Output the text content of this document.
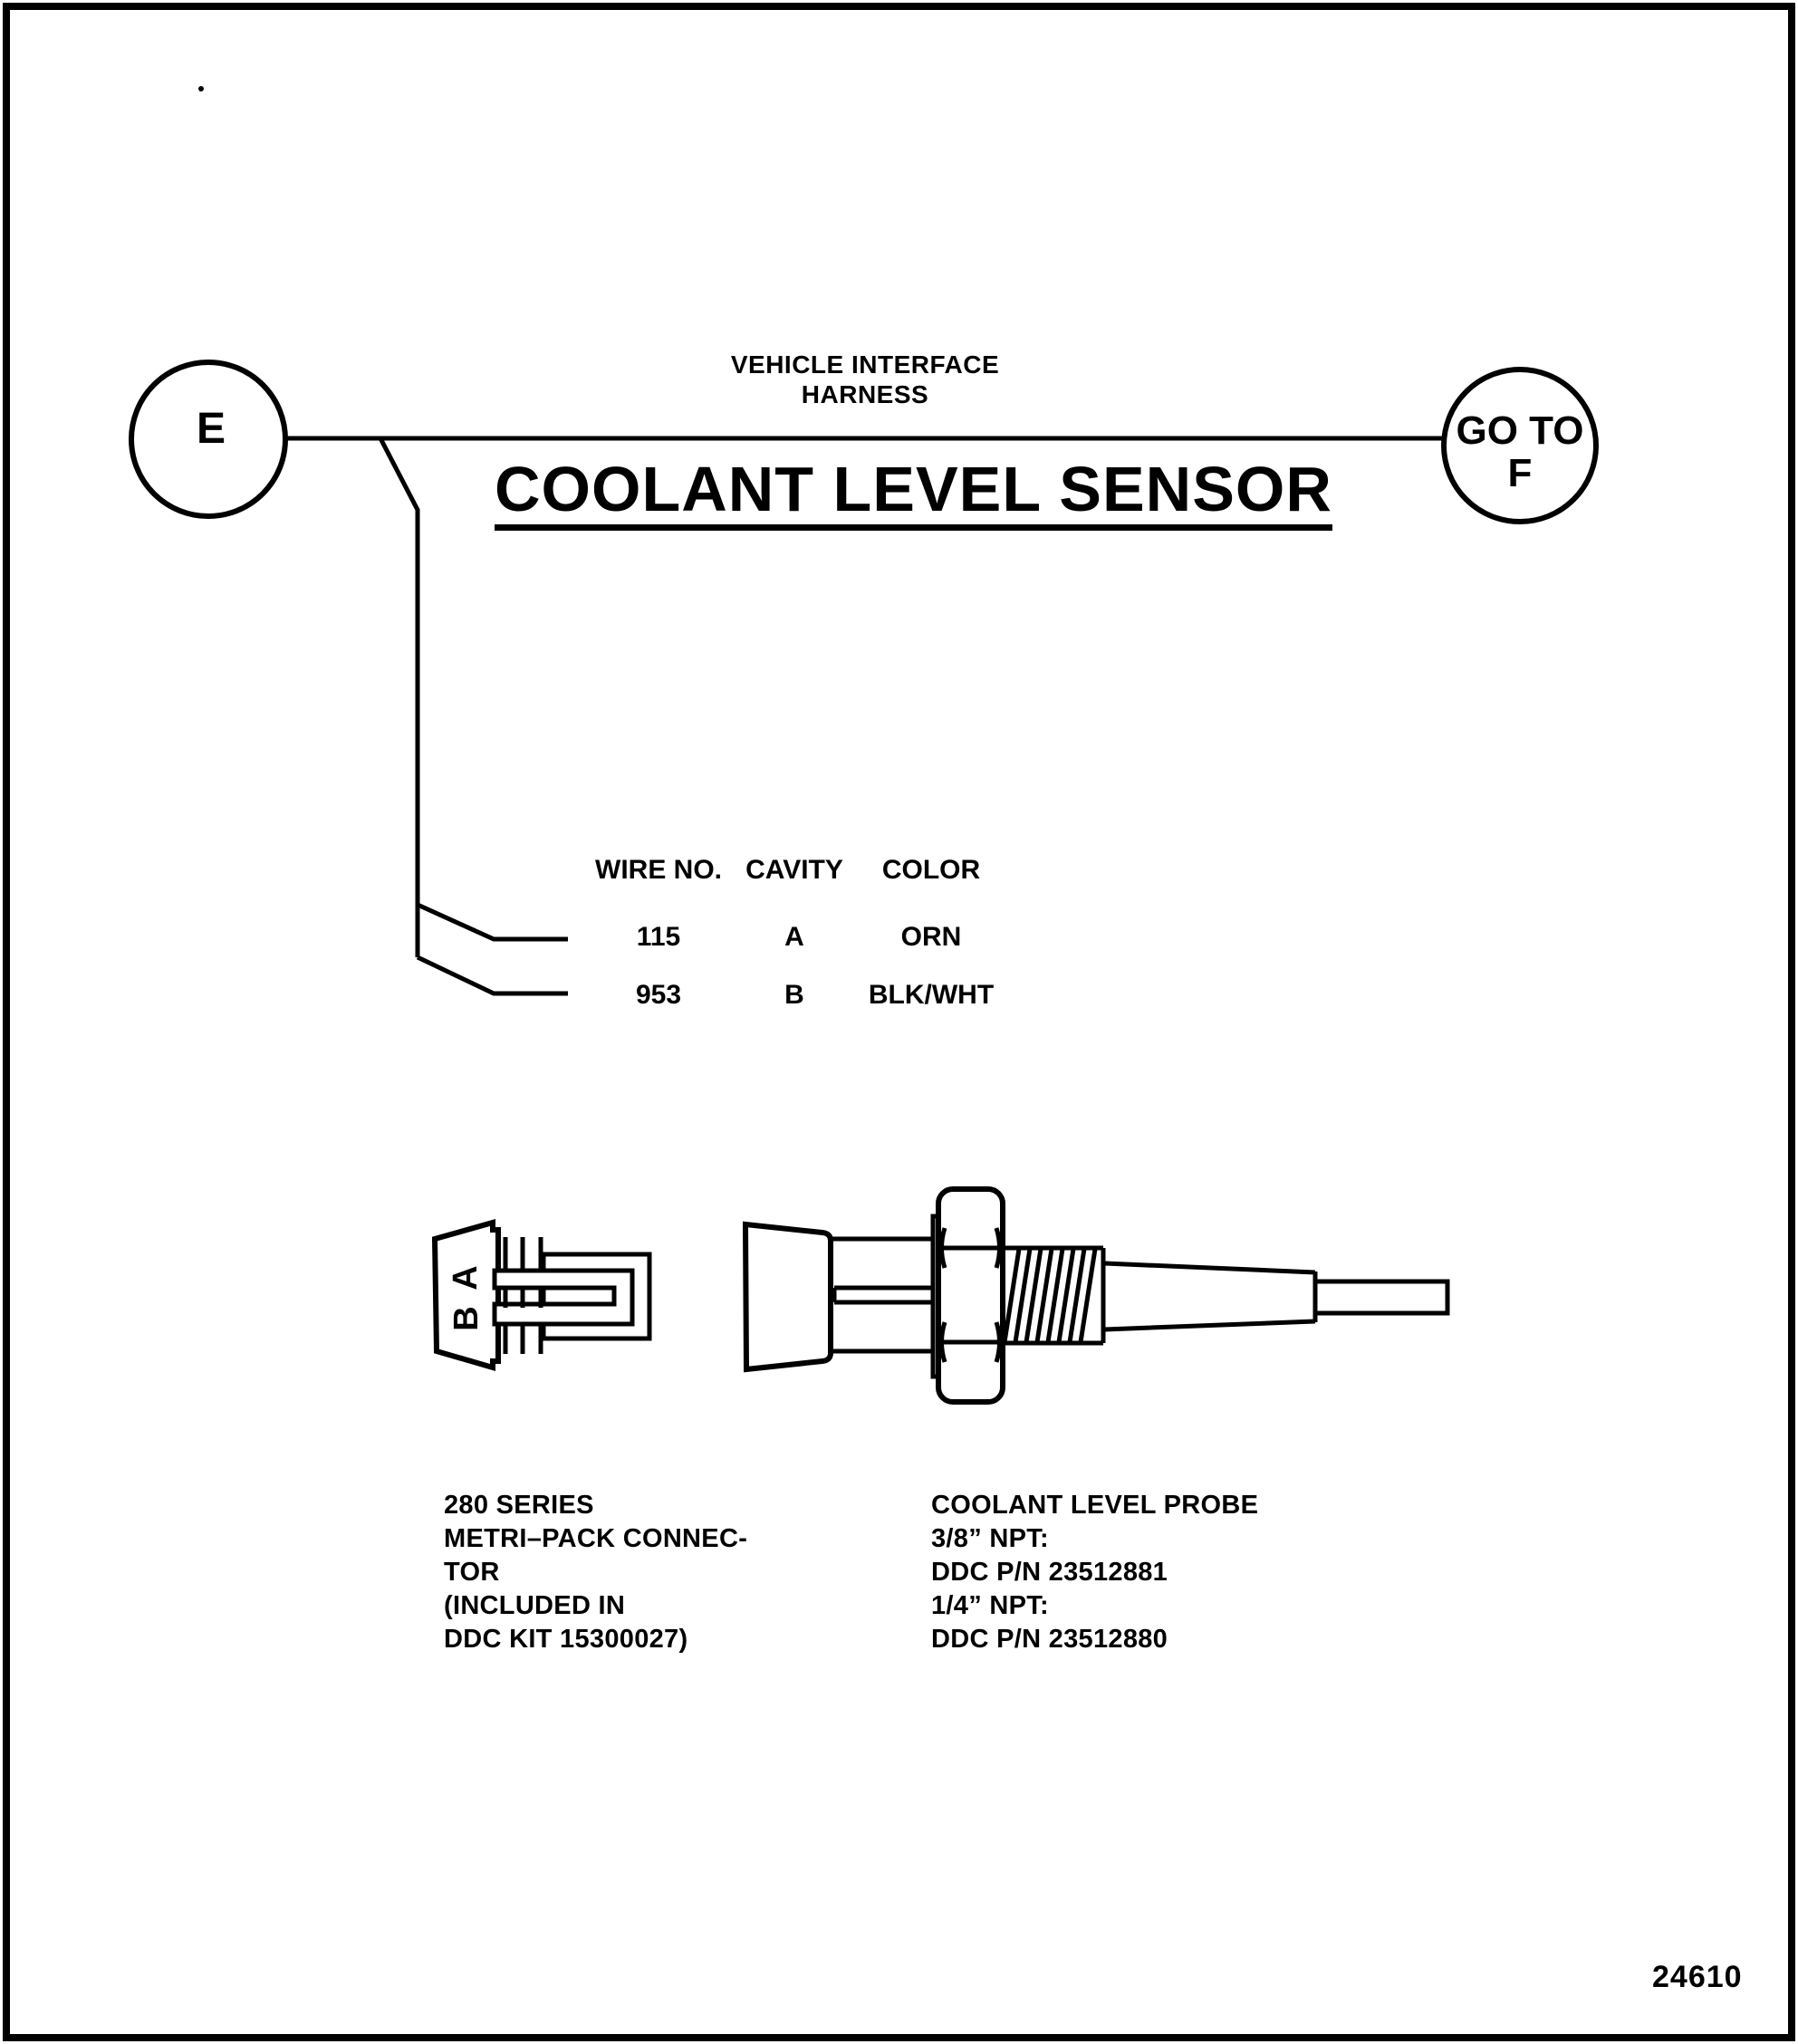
E	GO TO
F
A
B
VEHICLE INTERFACE
HARNESS
COOLANT LEVEL SENSOR
WIRE NO. CAVITY COLOR
115	A	ORN
953	B BLK/WHT
280 SERIES
METRI–PACK CONNEC-
TOR
(INCLUDED IN
DDC KIT 15300027)
COOLANT LEVEL PROBE
3/8” NPT:
DDC P/N 23512881
1/4” NPT:
DDC P/N 23512880
24610
